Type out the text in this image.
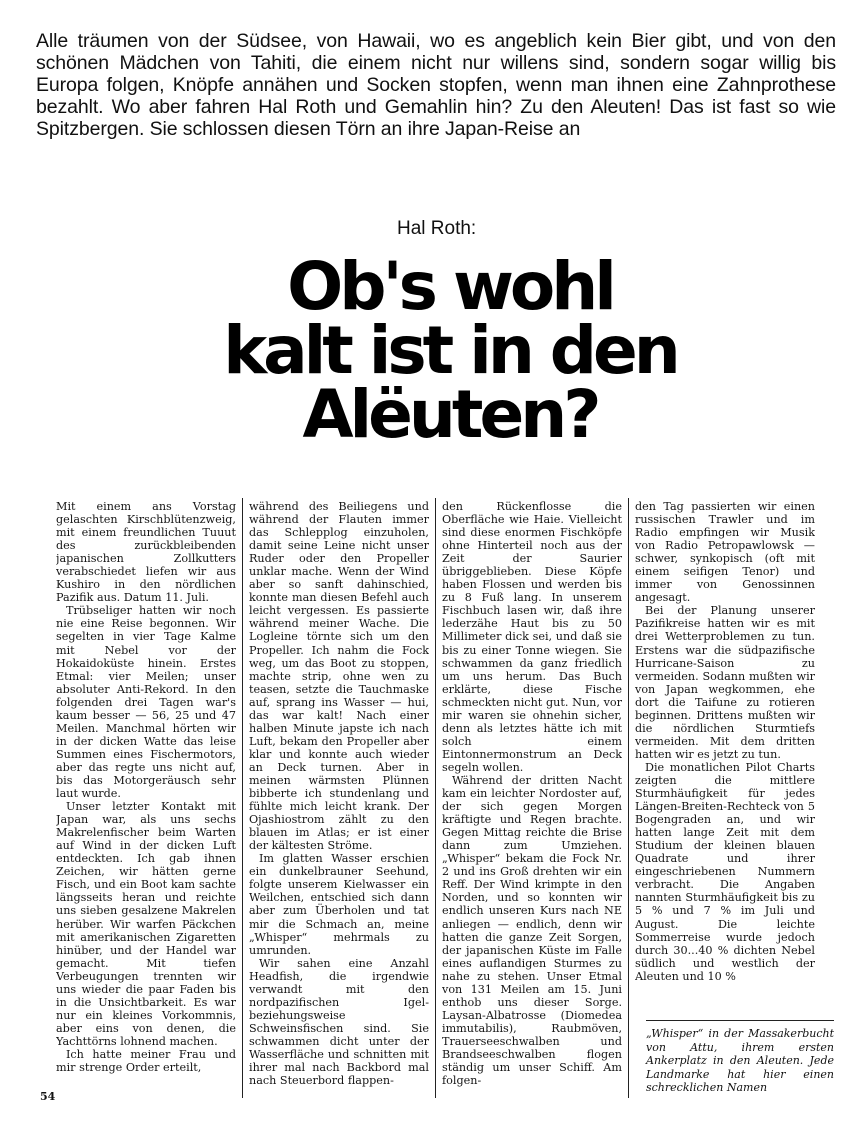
Alle träumen von der Südsee, von Hawaii, wo es angeblich kein Bier gibt, und von den schönen Mädchen von Tahiti, die einem nicht nur willens sind, sondern sogar willig bis Europa folgen, Knöpfe annähen und Socken stopfen, wenn man ihnen eine Zahnprothese bezahlt. Wo aber fahren Hal Roth und Gemahlin hin? Zu den Aleuten! Das ist fast so wie Spitzbergen. Sie schlossen diesen Törn an ihre Japan-Reise an

Hal Roth:
Ob's wohl
kalt ist in den
Alëuten?

Mit einem ans Vorstag gelaschten Kirschblütenzweig, mit einem freundlichen Tuuut des zurückbleibenden japanischen Zollkutters verabschiedet liefen wir aus Kushiro in den nördlichen Pazifik aus. Datum 11. Juli.

Trübseliger hatten wir noch nie eine Reise begonnen. Wir segelten in vier Tage Kalme mit Nebel vor der Hokaidoküste hinein. Erstes Etmal: vier Meilen; unser absoluter Anti-Rekord. In den folgenden drei Tagen war's kaum besser — 56, 25 und 47 Meilen. Manchmal hörten wir in der dicken Watte das leise Summen eines Fischermotors, aber das regte uns nicht auf, bis das Motorgeräusch sehr laut wurde.

Unser letzter Kontakt mit Japan war, als uns sechs Makrelenfischer beim Warten auf Wind in der dicken Luft entdeckten. Ich gab ihnen Zeichen, wir hätten gerne Fisch, und ein Boot kam sachte längsseits heran und reichte uns sieben gesalzene Makrelen herüber. Wir warfen Päckchen mit amerikanischen Zigaretten hinüber, und der Handel war gemacht. Mit tiefen Verbeugungen trennten wir uns wieder die paar Faden bis in die Unsichtbarkeit. Es war nur ein kleines Vorkommnis, aber eins von denen, die Yachttörns lohnend machen.

Ich hatte meiner Frau und mir strenge Order erteilt,

während des Beiliegens und während der Flauten immer das Schlepplog einzuholen, damit seine Leine nicht unser Ruder oder den Propeller unklar mache. Wenn der Wind aber so sanft dahinschied, konnte man diesen Befehl auch leicht vergessen. Es passierte während meiner Wache. Die Logleine törnte sich um den Propeller. Ich nahm die Fock weg, um das Boot zu stoppen, machte strip, ohne wen zu teasen, setzte die Tauchmaske auf, sprang ins Wasser — hui, das war kalt! Nach einer halben Minute japste ich nach Luft, bekam den Propeller aber klar und konnte auch wieder an Deck turnen. Aber in meinen wärmsten Plünnen bibberte ich stundenlang und fühlte mich leicht krank. Der Ojashiostrom zählt zu den blauen im Atlas; er ist einer der kältesten Ströme.

Im glatten Wasser erschien ein dunkelbrauner Seehund, folgte unserem Kielwasser ein Weilchen, entschied sich dann aber zum Überholen und tat mir die Schmach an, meine „Whisper“ mehrmals zu umrunden.

Wir sahen eine Anzahl Headfish, die irgendwie verwandt mit den nordpazifischen Igel- beziehungsweise Schweinsfischen sind. Sie schwammen dicht unter der Wasserfläche und schnitten mit ihrer mal nach Backbord mal nach Steuerbord flappen-

den Rückenflosse die Oberfläche wie Haie. Vielleicht sind diese enormen Fischköpfe ohne Hinterteil noch aus der Zeit der Saurier übriggeblieben. Diese Köpfe haben Flossen und werden bis zu 8 Fuß lang. In unserem Fischbuch lasen wir, daß ihre lederzähe Haut bis zu 50 Millimeter dick sei, und daß sie bis zu einer Tonne wiegen. Sie schwammen da ganz friedlich um uns herum. Das Buch erklärte, diese Fische schmeckten nicht gut. Nun, vor mir waren sie ohnehin sicher, denn als letztes hätte ich mit solch einem Eintonnermonstrum an Deck segeln wollen.

Während der dritten Nacht kam ein leichter Nordoster auf, der sich gegen Morgen kräftigte und Regen brachte. Gegen Mittag reichte die Brise dann zum Umziehen. „Whisper“ bekam die Fock Nr. 2 und ins Groß drehten wir ein Reff. Der Wind krimpte in den Norden, und so konnten wir endlich unseren Kurs nach NE anliegen — endlich, denn wir hatten die ganze Zeit Sorgen, der japanischen Küste im Falle eines auflandigen Sturmes zu nahe zu stehen. Unser Etmal von 131 Meilen am 15. Juni enthob uns dieser Sorge. Laysan-Albatrosse (Diomedea immutabilis), Raubmöven, Trauerseeschwalben und Brandseeschwalben flogen ständig um unser Schiff. Am folgen-

den Tag passierten wir einen russischen Trawler und im Radio empfingen wir Musik von Radio Petropawlowsk — schwer, synkopisch (oft mit einem seifigen Tenor) und immer von Genossinnen angesagt.

Bei der Planung unserer Pazifikreise hatten wir es mit drei Wetterproblemen zu tun. Erstens war die südpazifische Hurricane-Saison zu vermeiden. Sodann mußten wir von Japan wegkommen, ehe dort die Taifune zu rotieren beginnen. Drittens mußten wir die nördlichen Sturmtiefs vermeiden. Mit dem dritten hatten wir es jetzt zu tun.

Die monatlichen Pilot Charts zeigten die mittlere Sturmhäufigkeit für jedes Längen-Breiten-Rechteck von 5 Bogengraden an, und wir hatten lange Zeit mit dem Studium der kleinen blauen Quadrate und ihrer eingeschriebenen Nummern verbracht. Die Angaben nannten Sturmhäufigkeit bis zu 5 % und 7 % im Juli und August. Die leichte Sommerreise wurde jedoch durch 30...40 % dichten Nebel südlich und westlich der Aleuten und 10 %

„Whisper“ in der Massakerbucht von Attu, ihrem ersten Ankerplatz in den Aleuten. Jede Landmarke hat hier einen schrecklichen Namen
54
